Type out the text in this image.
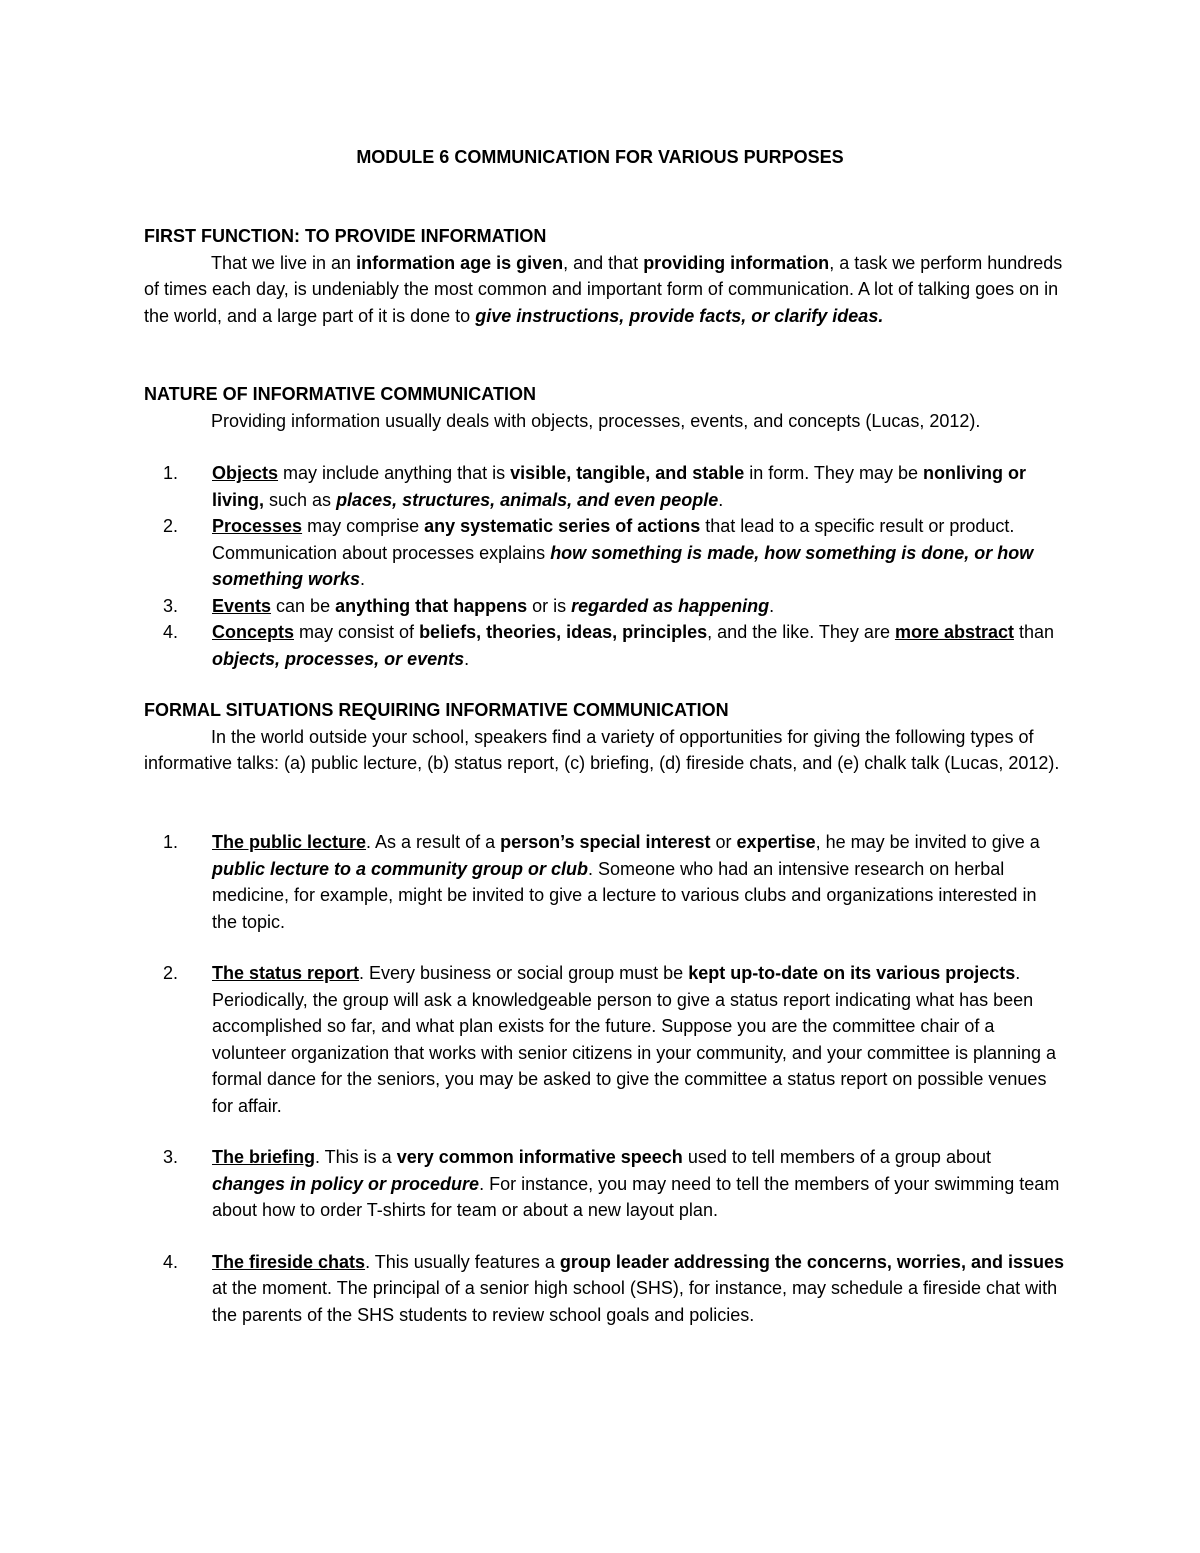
MODULE 6 COMMUNICATION FOR VARIOUS PURPOSES

FIRST FUNCTION: TO PROVIDE INFORMATION

That we live in an information age is given, and that providing information, a task we perform hundreds of times each day, is undeniably the most common and important form of communication. A lot of talking goes on in the world, and a large part of it is done to give instructions, provide facts, or clarify ideas.

NATURE OF INFORMATIVE COMMUNICATION

Providing information usually deals with objects, processes, events, and concepts (Lucas, 2012).

1. Objects may include anything that is visible, tangible, and stable in form. They may be nonliving or living, such as places, structures, animals, and even people.
2. Processes may comprise any systematic series of actions that lead to a specific result or product. Communication about processes explains how something is made, how something is done, or how something works.
3. Events can be anything that happens or is regarded as happening.
4. Concepts may consist of beliefs, theories, ideas, principles, and the like. They are more abstract than objects, processes, or events.

FORMAL SITUATIONS REQUIRING INFORMATIVE COMMUNICATION

In the world outside your school, speakers find a variety of opportunities for giving the following types of informative talks: (a) public lecture, (b) status report, (c) briefing, (d) fireside chats, and (e) chalk talk (Lucas, 2012).

1. The public lecture. As a result of a person’s special interest or expertise, he may be invited to give a public lecture to a community group or club. Someone who had an intensive research on herbal medicine, for example, might be invited to give a lecture to various clubs and organizations interested in the topic.
2. The status report. Every business or social group must be kept up-to-date on its various projects. Periodically, the group will ask a knowledgeable person to give a status report indicating what has been accomplished so far, and what plan exists for the future. Suppose you are the committee chair of a volunteer organization that works with senior citizens in your community, and your committee is planning a formal dance for the seniors, you may be asked to give the committee a status report on possible venues for affair.
3. The briefing. This is a very common informative speech used to tell members of a group about changes in policy or procedure. For instance, you may need to tell the members of your swimming team about how to order T-shirts for team or about a new layout plan.
4. The fireside chats. This usually features a group leader addressing the concerns, worries, and issues at the moment. The principal of a senior high school (SHS), for instance, may schedule a fireside chat with the parents of the SHS students to review school goals and policies.
